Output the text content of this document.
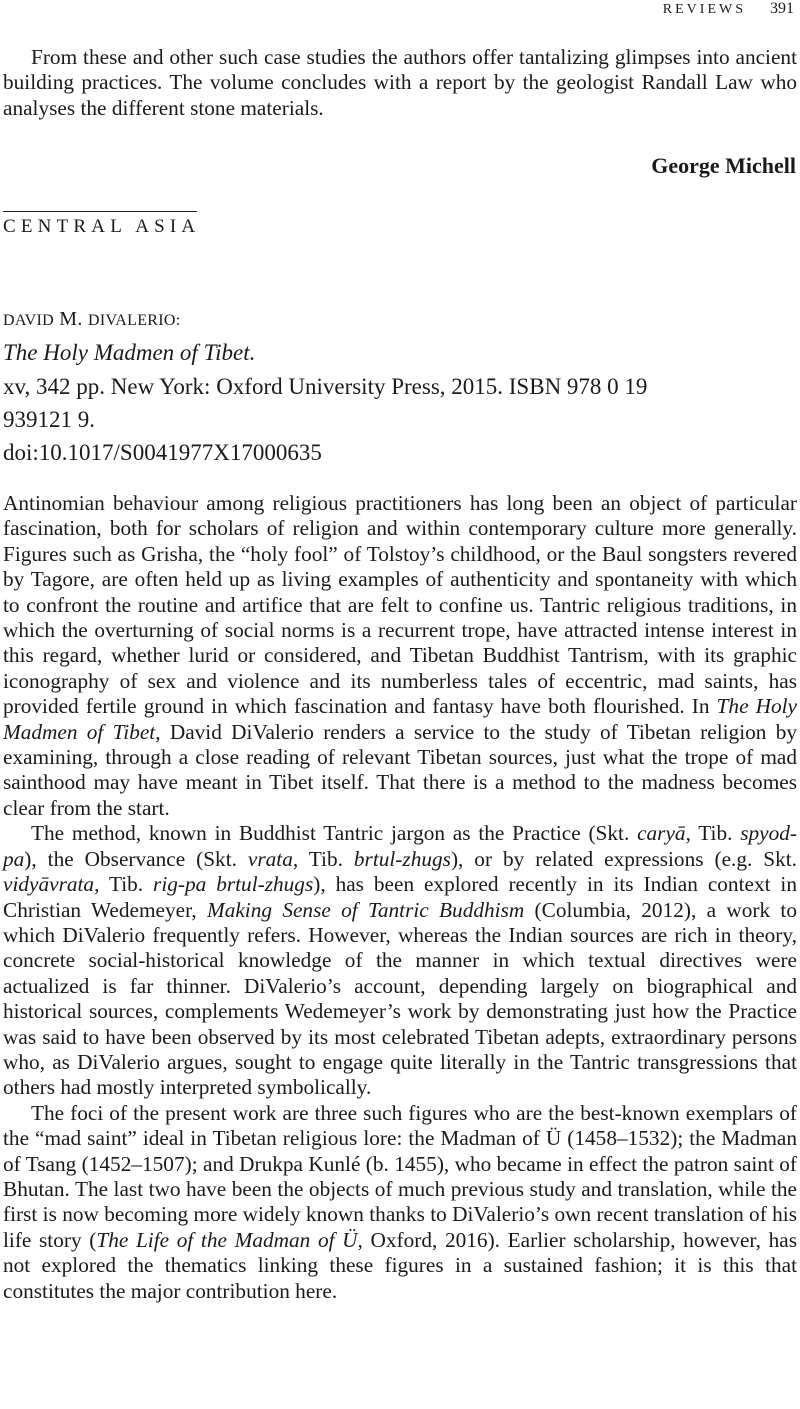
REVIEWS 391

From these and other such case studies the authors offer tantalizing glimpses into ancient building practices. The volume concludes with a report by the geologist Randall Law who analyses the different stone materials.

George Michell
CENTRAL ASIA
DAVID M. DIVALERIO:
The Holy Madmen of Tibet.
xv, 342 pp. New York: Oxford University Press, 2015. ISBN 978 0 19
939121 9.
doi:10.1017/S0041977X17000635

Antinomian behaviour among religious practitioners has long been an object of particular fascination, both for scholars of religion and within contemporary culture more generally. Figures such as Grisha, the “holy fool” of Tolstoy’s childhood, or the Baul songsters revered by Tagore, are often held up as living examples of authenticity and spontaneity with which to confront the routine and artifice that are felt to confine us. Tantric religious traditions, in which the overturning of social norms is a recurrent trope, have attracted intense interest in this regard, whether lurid or considered, and Tibetan Buddhist Tantrism, with its graphic iconography of sex and violence and its numberless tales of eccentric, mad saints, has provided fertile ground in which fascination and fantasy have both flourished. In The Holy Madmen of Tibet, David DiValerio renders a service to the study of Tibetan religion by examining, through a close reading of relevant Tibetan sources, just what the trope of mad sainthood may have meant in Tibet itself. That there is a method to the madness becomes clear from the start.

The method, known in Buddhist Tantric jargon as the Practice (Skt. caryā, Tib. spyod-pa), the Observance (Skt. vrata, Tib. brtul-zhugs), or by related expressions (e.g. Skt. vidyāvrata, Tib. rig-pa brtul-zhugs), has been explored recently in its Indian context in Christian Wedemeyer, Making Sense of Tantric Buddhism (Columbia, 2012), a work to which DiValerio frequently refers. However, whereas the Indian sources are rich in theory, concrete social-historical knowledge of the manner in which textual directives were actualized is far thinner. DiValerio’s account, depending largely on biographical and historical sources, complements Wedemeyer’s work by demonstrating just how the Practice was said to have been observed by its most celebrated Tibetan adepts, extraordinary persons who, as DiValerio argues, sought to engage quite literally in the Tantric transgressions that others had mostly interpreted symbolically.

The foci of the present work are three such figures who are the best-known exemplars of the “mad saint” ideal in Tibetan religious lore: the Madman of Ü (1458–1532); the Madman of Tsang (1452–1507); and Drukpa Kunlé (b. 1455), who became in effect the patron saint of Bhutan. The last two have been the objects of much previous study and translation, while the first is now becoming more widely known thanks to DiValerio’s own recent translation of his life story (The Life of the Madman of Ü, Oxford, 2016). Earlier scholarship, however, has not explored the thematics linking these figures in a sustained fashion; it is this that constitutes the major contribution here.
